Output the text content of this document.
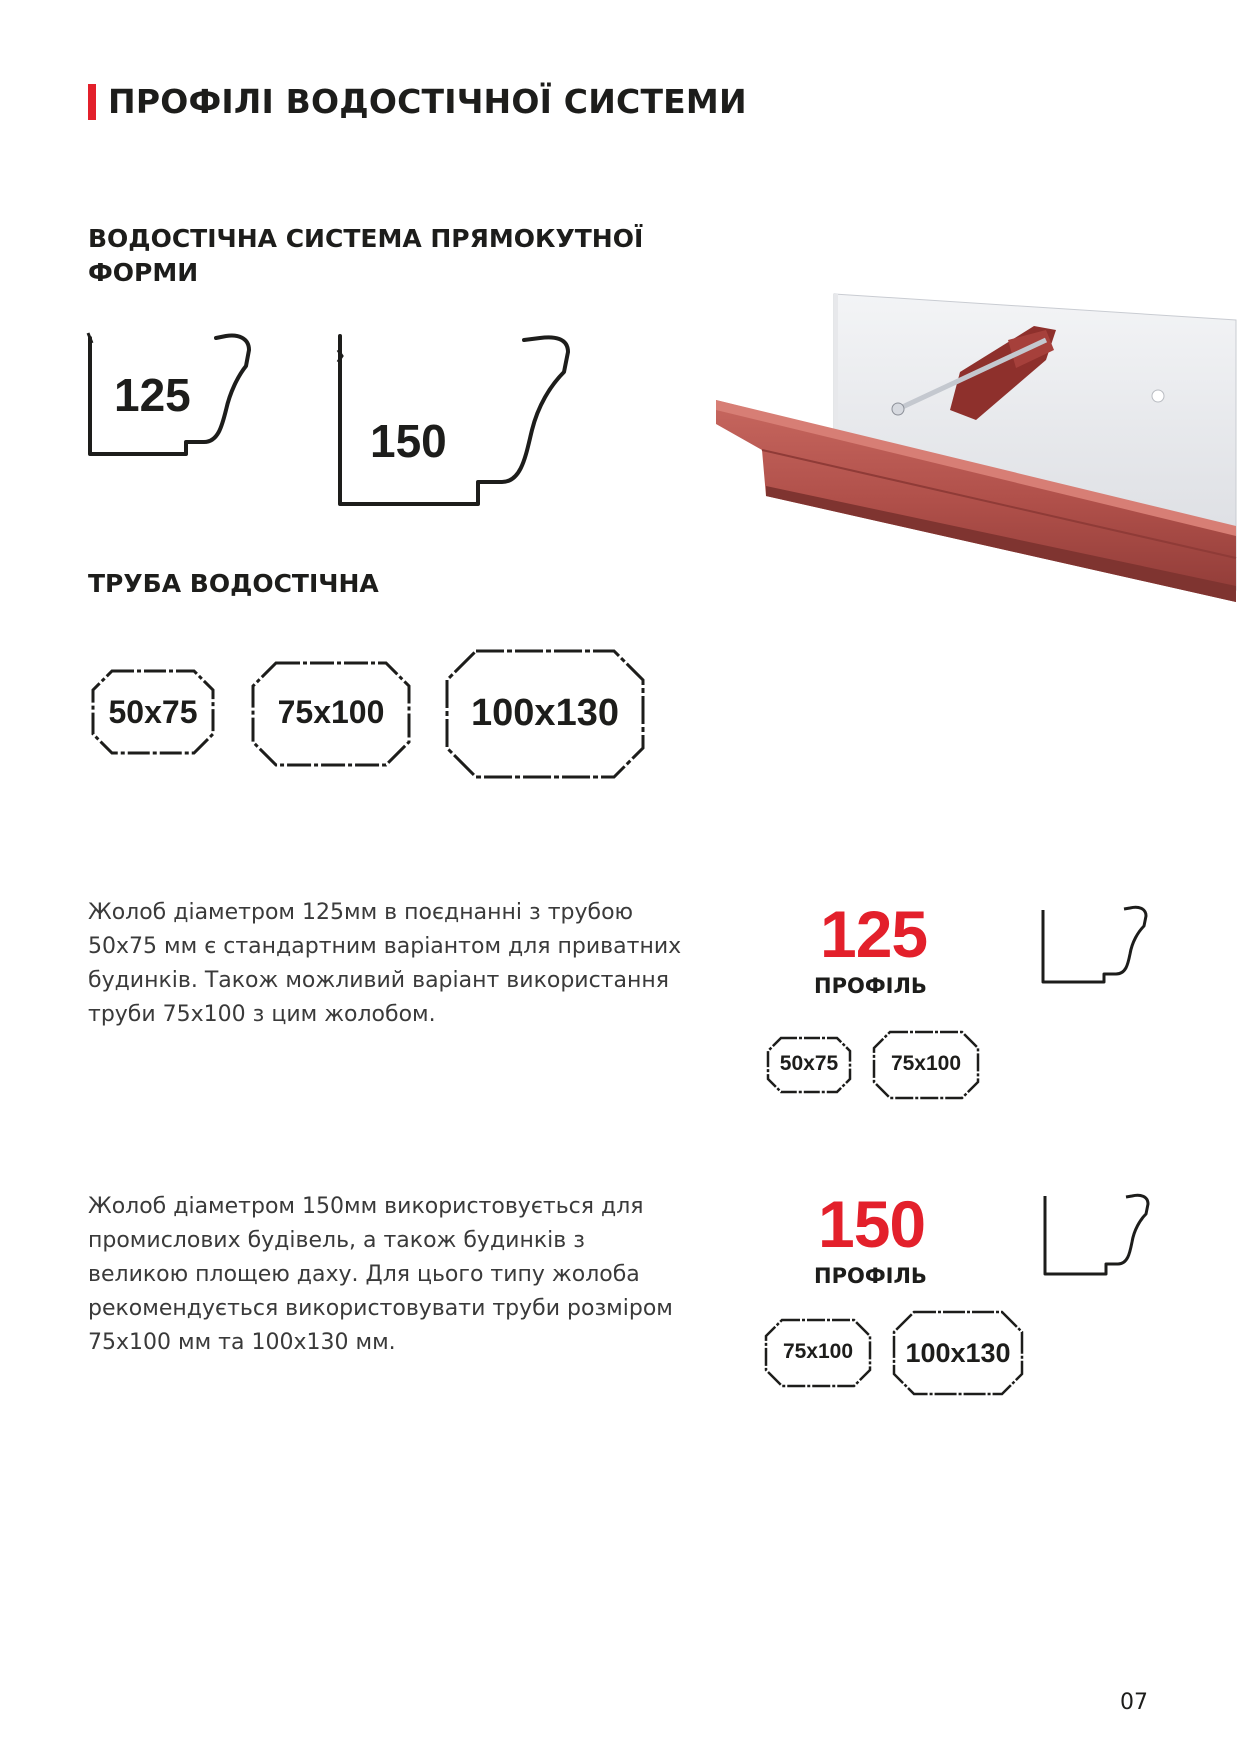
ПРОФІЛІ ВОДОСТІЧНОЇ СИСТЕМИ
ВОДОСТІЧНА СИСТЕМА ПРЯМОКУТНОЇ
ФОРМИ
125
150
ТРУБА ВОДОСТІЧНА
50x75	75x100	100x130
Жолоб діаметром 125мм в поєднанні з трубою 50x75 мм є стандартним варіантом для приватних будинків. Також можливий варіант використання труби 75x100 з цим жолобом.
125
ПРОФІЛЬ
50x75	75x100
Жолоб діаметром 150мм використовується для промислових будівель, а також будинків з великою площею даху. Для цього типу жолоба рекомендується використовувати труби розміром 75x100 мм та 100x130 мм.
150
ПРОФІЛЬ
75x100	100x130
07
